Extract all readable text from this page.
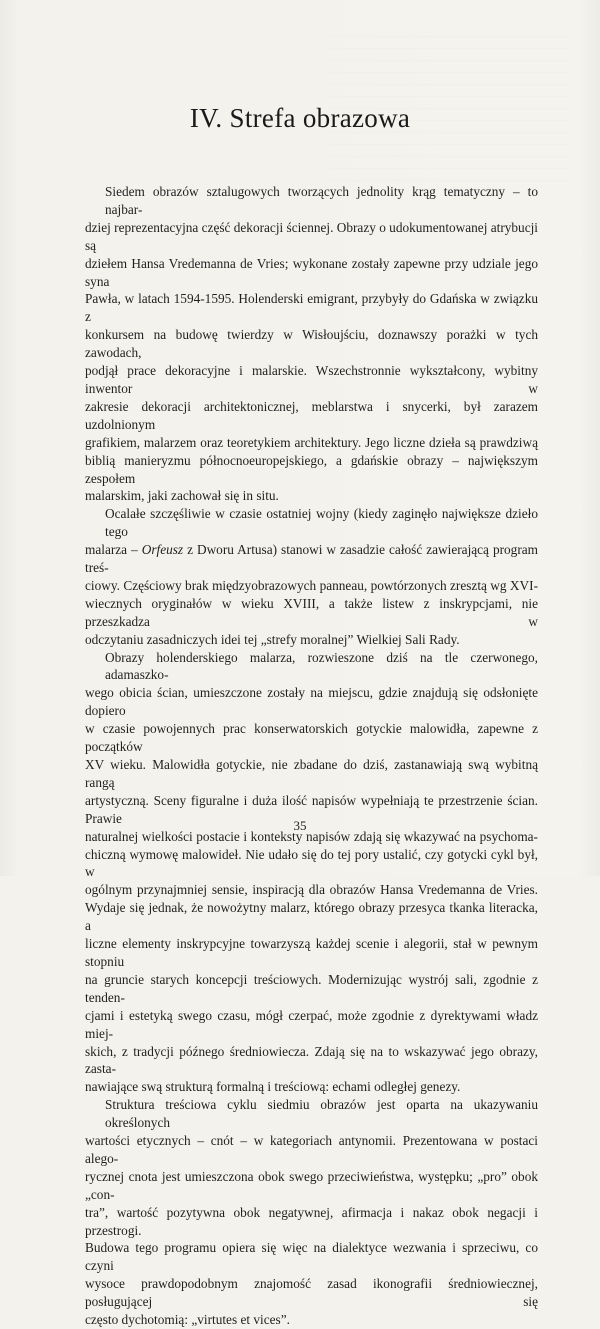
IV. Strefa obrazowa
Siedem obrazów sztalugowych tworzących jednolity krąg tematyczny – to najbar-
dziej reprezentacyjna część dekoracji ściennej. Obrazy o udokumentowanej atrybucji są
dziełem Hansa Vredemanna de Vries; wykonane zostały zapewne przy udziale jego syna
Pawła, w latach 1594-1595. Holenderski emigrant, przybyły do Gdańska w związku z
konkursem na budowę twierdzy w Wisłoujściu, doznawszy porażki w tych zawodach,
podjął prace dekoracyjne i malarskie. Wszechstronnie wykształcony, wybitny inwentor w
zakresie dekoracji architektonicznej, meblarstwa i snycerki, był zarazem uzdolnionym
grafikiem, malarzem oraz teoretykiem architektury. Jego liczne dzieła są prawdziwą
biblią manieryzmu północnoeuropejskiego, a gdańskie obrazy – największym zespołem
malarskim, jaki zachował się in situ.
Ocalałe szczęśliwie w czasie ostatniej wojny (kiedy zaginęło największe dzieło tego
malarza – Orfeusz z Dworu Artusa) stanowi w zasadzie całość zawierającą program treś-
ciowy. Częściowy brak międzyobrazowych panneau, powtórzonych zresztą wg XVI-
wiecznych oryginałów w wieku XVIII, a także listew z inskrypcjami, nie przeszkadza w
odczytaniu zasadniczych idei tej „strefy moralnej” Wielkiej Sali Rady.
Obrazy holenderskiego malarza, rozwieszone dziś na tle czerwonego, adamaszko-
wego obicia ścian, umieszczone zostały na miejscu, gdzie znajdują się odsłonięte dopiero
w czasie powojennych prac konserwatorskich gotyckie malowidła, zapewne z początków
XV wieku. Malowidła gotyckie, nie zbadane do dziś, zastanawiają swą wybitną rangą
artystyczną. Sceny figuralne i duża ilość napisów wypełniają te przestrzenie ścian. Prawie
naturalnej wielkości postacie i konteksty napisów zdają się wkazywać na psychoma-
chiczną wymowę malowideł. Nie udało się do tej pory ustalić, czy gotycki cykl był, w
ogólnym przynajmniej sensie, inspiracją dla obrazów Hansa Vredemanna de Vries.
Wydaje się jednak, że nowożytny malarz, którego obrazy przesyca tkanka literacka, a
liczne elementy inskrypcyjne towarzyszą każdej scenie i alegorii, stał w pewnym stopniu
na gruncie starych koncepcji treściowych. Modernizując wystrój sali, zgodnie z tenden-
cjami i estetyką swego czasu, mógł czerpać, może zgodnie z dyrektywami władz miej-
skich, z tradycji późnego średniowiecza. Zdają się na to wskazywać jego obrazy, zasta-
nawiające swą strukturą formalną i treściową: echami odległej genezy.
Struktura treściowa cyklu siedmiu obrazów jest oparta na ukazywaniu określonych
wartości etycznych – cnót – w kategoriach antynomii. Prezentowana w postaci alego-
rycznej cnota jest umieszczona obok swego przeciwieństwa, występku; „pro” obok „con-
tra”, wartość pozytywna obok negatywnej, afirmacja i nakaz obok negacji i przestrogi.
Budowa tego programu opiera się więc na dialektyce wezwania i sprzeciwu, co czyni
wysoce prawdopodobnym znajomość zasad ikonografii średniowiecznej, posługującej się
często dychotomią: „virtutes et vices”.
35
